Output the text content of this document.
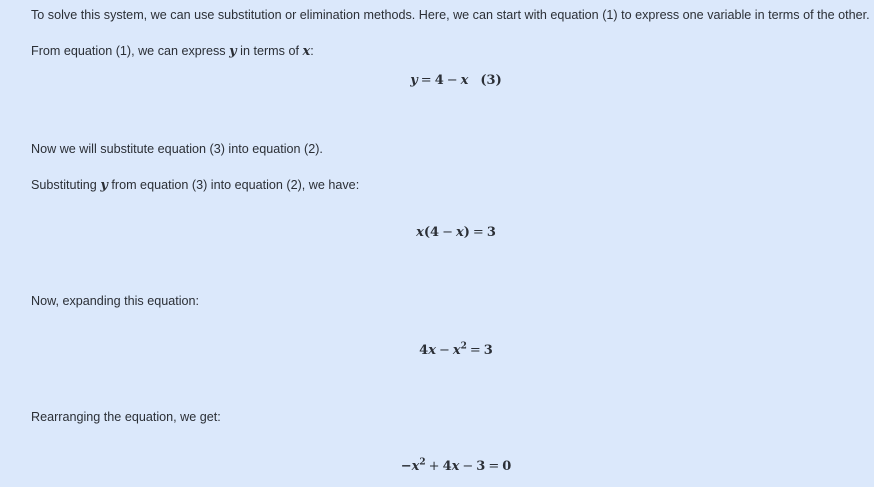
To solve this system, we can use substitution or elimination methods. Here, we can start with equation (1) to express one variable in terms of the other.
From equation (1), we can express y in terms of x:
y = 4 − x (3)
Now we will substitute equation (3) into equation (2).
Substituting y from equation (3) into equation (2), we have:
x(4 − x) = 3
Now, expanding this equation:
$4x - x^2 = 3$
Rearranging the equation, we get:
$-x^2 + 4x - 3 = 0$
